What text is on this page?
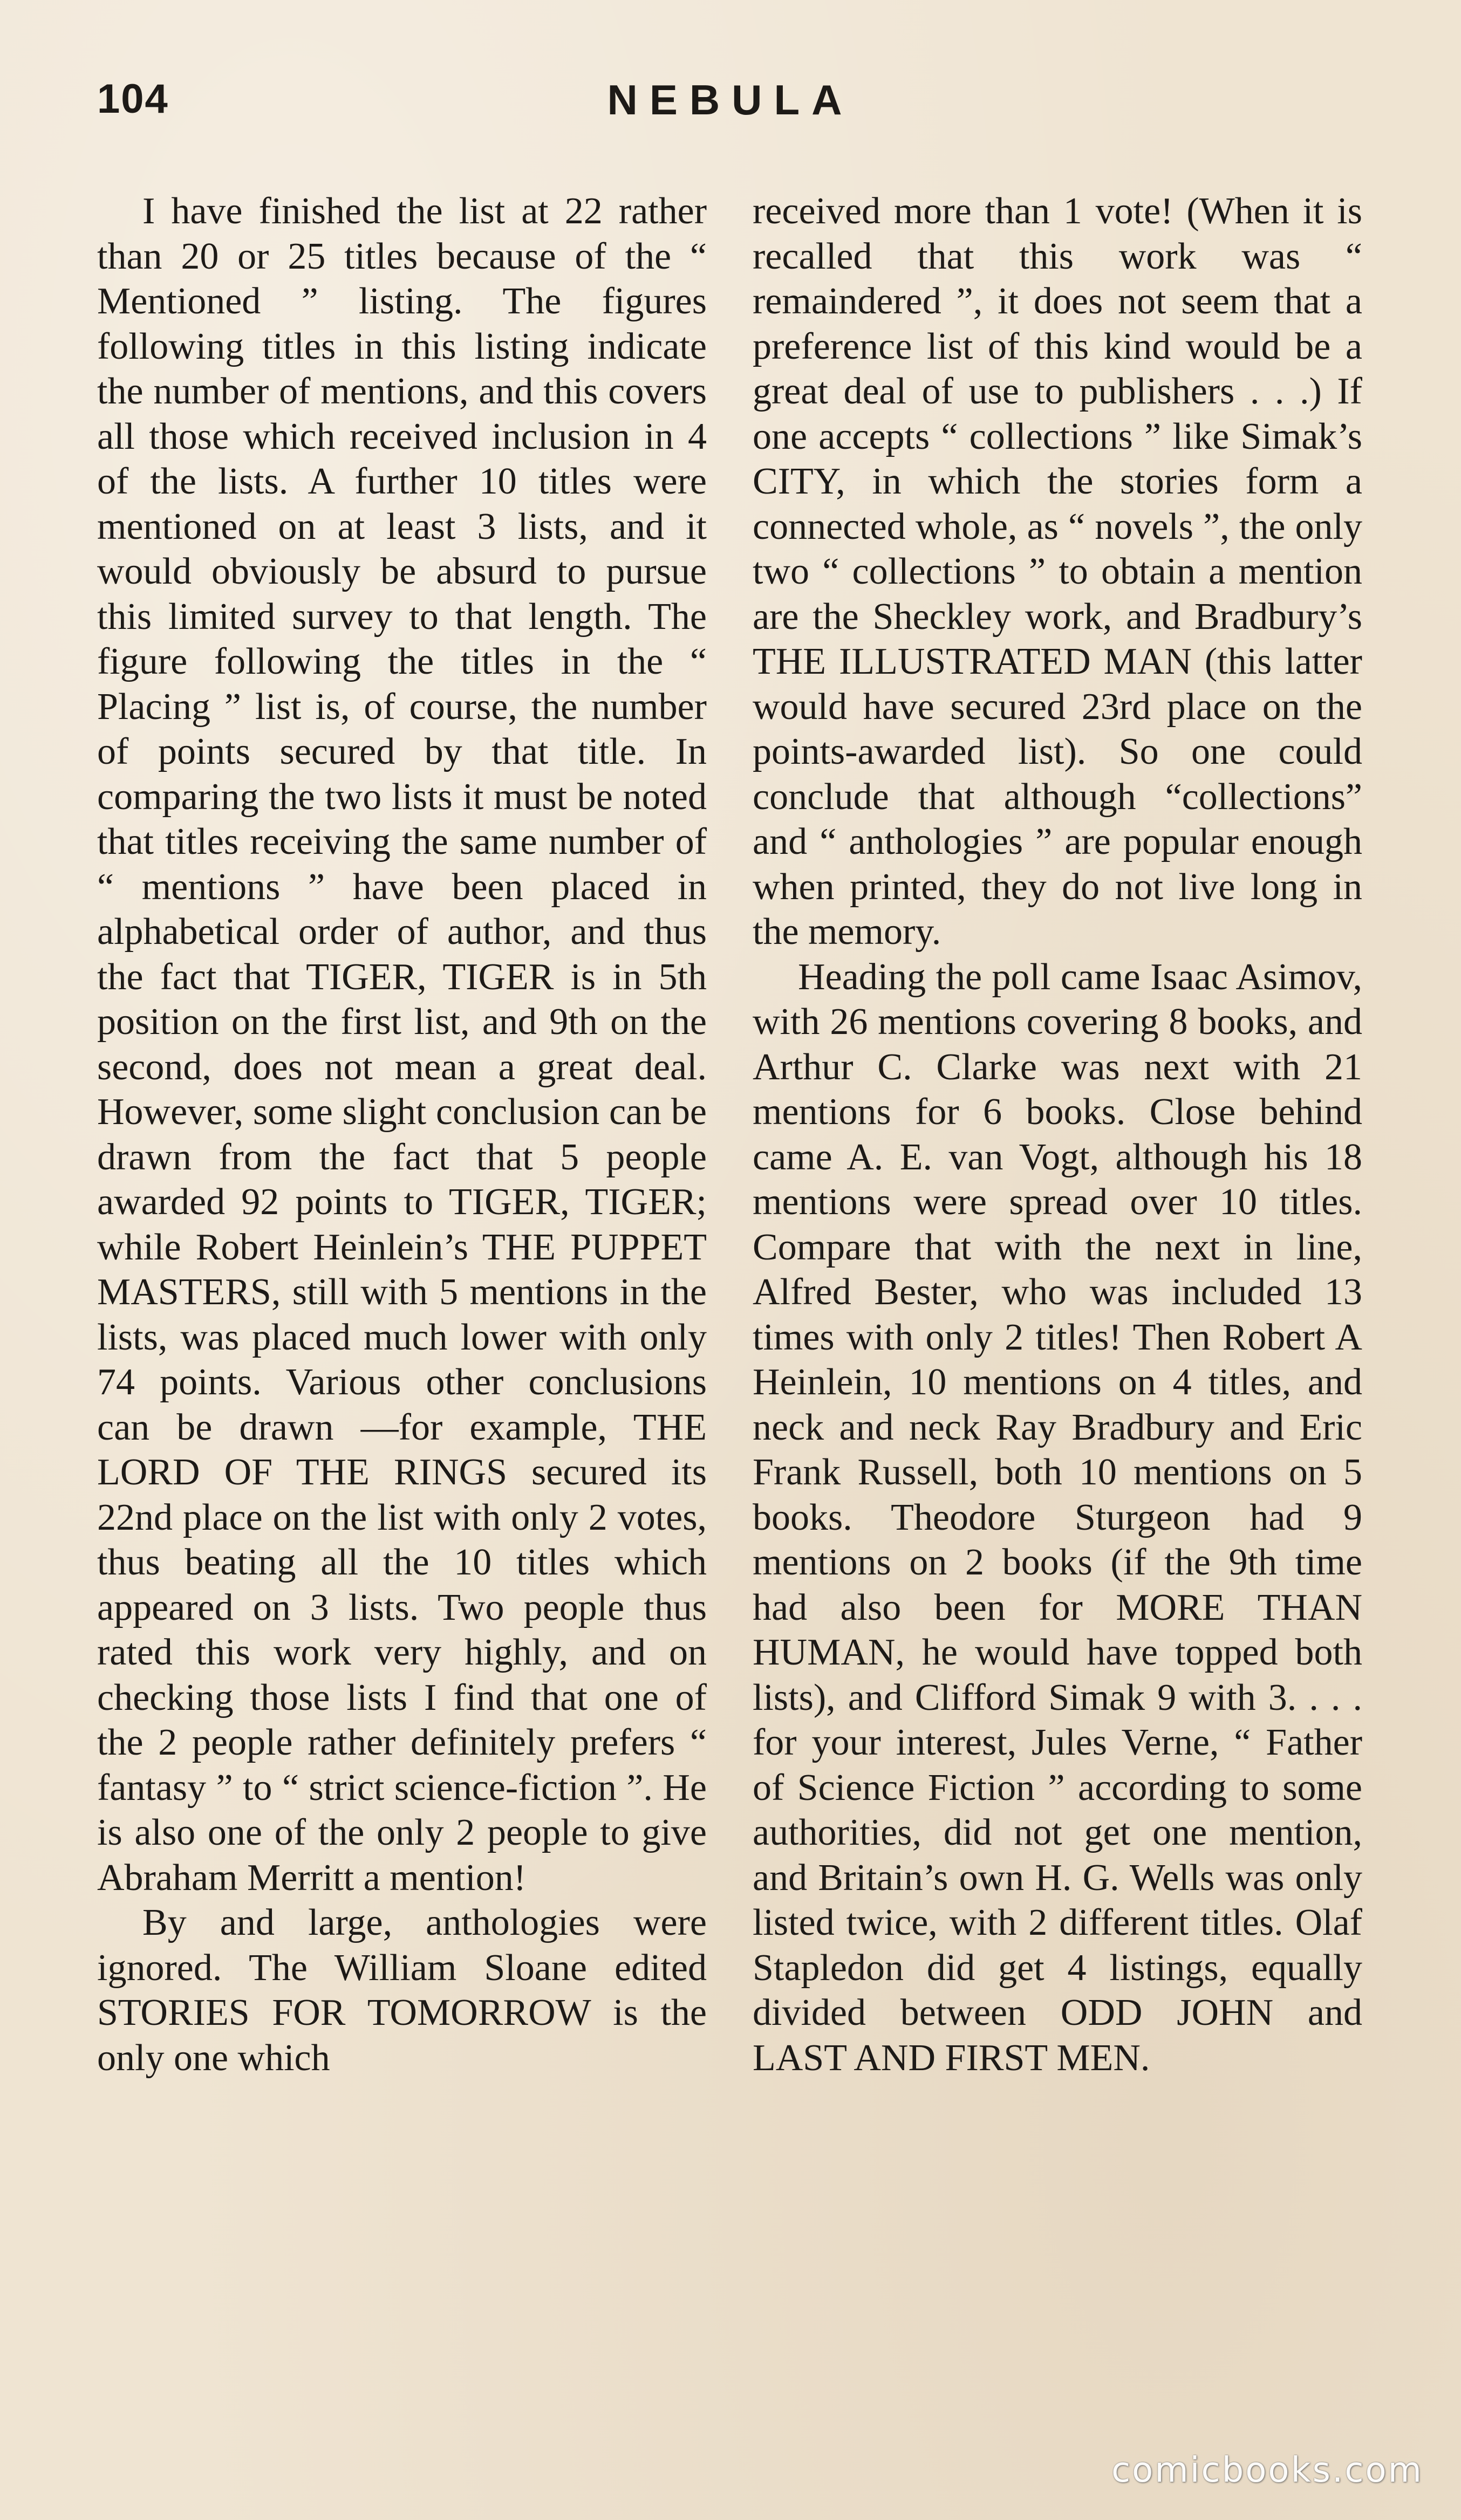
104	NEBULA

I have finished the list at 22 rather than 20 or 25 titles because of the “ Mentioned ” listing. The figures following titles in this listing indicate the number of mentions, and this covers all those which received inclusion in 4 of the lists. A further 10 titles were mentioned on at least 3 lists, and it would obviously be absurd to pursue this limited survey to that length. The figure following the titles in the “ Placing ” list is, of course, the number of points secured by that title. In comparing the two lists it must be noted that titles receiving the same number of “ mentions ” have been placed in alphabetical order of author, and thus the fact that TIGER, TIGER is in 5th position on the first list, and 9th on the second, does not mean a great deal. However, some slight conclusion can be drawn from the fact that 5 people awarded 92 points to TIGER, TIGER; while Robert Heinlein’s THE PUPPET MASTERS, still with 5 mentions in the lists, was placed much lower with only 74 points. Various other conclusions can be drawn —for example, THE LORD OF THE RINGS secured its 22nd place on the list with only 2 votes, thus beating all the 10 titles which appeared on 3 lists. Two people thus rated this work very highly, and on checking those lists I find that one of the 2 people rather definitely prefers “ fantasy ” to “ strict science-fiction ”. He is also one of the only 2 people to give Abraham Merritt a mention!

By and large, anthologies were ignored. The William Sloane edited STORIES FOR TOMORROW is the only one which

received more than 1 vote! (When it is recalled that this work was “ remaindered ”, it does not seem that a preference list of this kind would be a great deal of use to publishers . . .) If one accepts “ collections ” like Simak’s CITY, in which the stories form a connected whole, as “ novels ”, the only two “ collections ” to obtain a mention are the Sheckley work, and Bradbury’s THE ILLUSTRATED MAN (this latter would have secured 23rd place on the points-awarded list). So one could conclude that although “collections” and “ anthologies ” are popular enough when printed, they do not live long in the memory.

Heading the poll came Isaac Asimov, with 26 mentions covering 8 books, and Arthur C. Clarke was next with 21 mentions for 6 books. Close behind came A. E. van Vogt, although his 18 mentions were spread over 10 titles. Compare that with the next in line, Alfred Bester, who was included 13 times with only 2 titles! Then Robert A Heinlein, 10 mentions on 4 titles, and neck and neck Ray Bradbury and Eric Frank Russell, both 10 mentions on 5 books. Theodore Sturgeon had 9 mentions on 2 books (if the 9th time had also been for MORE THAN HUMAN, he would have topped both lists), and Clifford Simak 9 with 3. . . . for your interest, Jules Verne, “ Father of Science Fiction ” according to some authorities, did not get one mention, and Britain’s own H. G. Wells was only listed twice, with 2 different titles. Olaf Stapledon did get 4 listings, equally divided between ODD JOHN and LAST AND FIRST MEN.

comicbooks.com
